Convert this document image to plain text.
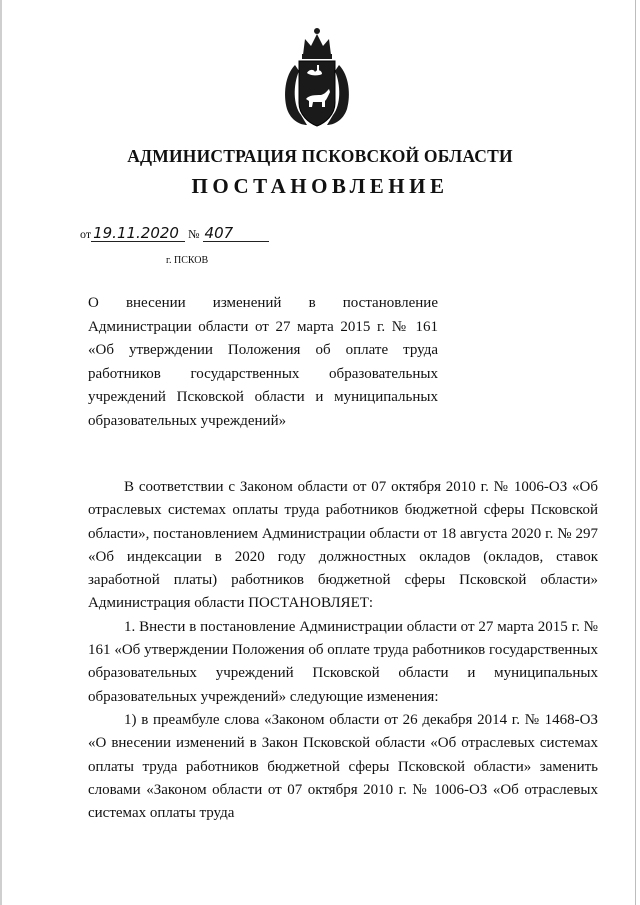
АДМИНИСТРАЦИЯ ПСКОВСКОЙ ОБЛАСТИ
ПОСТАНОВЛЕНИЕ
от 19.11.2020 № 407
г. ПСКОВ
О внесении изменений в постановление Администрации области от 27 марта 2015 г. № 161 «Об утверждении Положения об оплате труда работников государственных образовательных учреждений Псковской области и муниципальных образовательных учреждений»

В соответствии с Законом области от 07 октября 2010 г. № 1006-ОЗ «Об отраслевых системах оплаты труда работников бюджетной сферы Псковской области», постановлением Администрации области от 18 августа 2020 г. № 297 «Об индексации в 2020 году должностных окладов (окладов, ставок заработной платы) работников бюджетной сферы Псковской области» Администрация области ПОСТАНОВЛЯЕТ:

1. Внести в постановление Администрации области от 27 марта 2015 г. № 161 «Об утверждении Положения об оплате труда работников государственных образовательных учреждений Псковской области и муниципальных образовательных учреждений» следующие изменения:

1) в преамбуле слова «Законом области от 26 декабря 2014 г. № 1468-ОЗ «О внесении изменений в Закон Псковской области «Об отраслевых системах оплаты труда работников бюджетной сферы Псковской области» заменить словами «Законом области от 07 октября 2010 г. № 1006-ОЗ «Об отраслевых системах оплаты труда
